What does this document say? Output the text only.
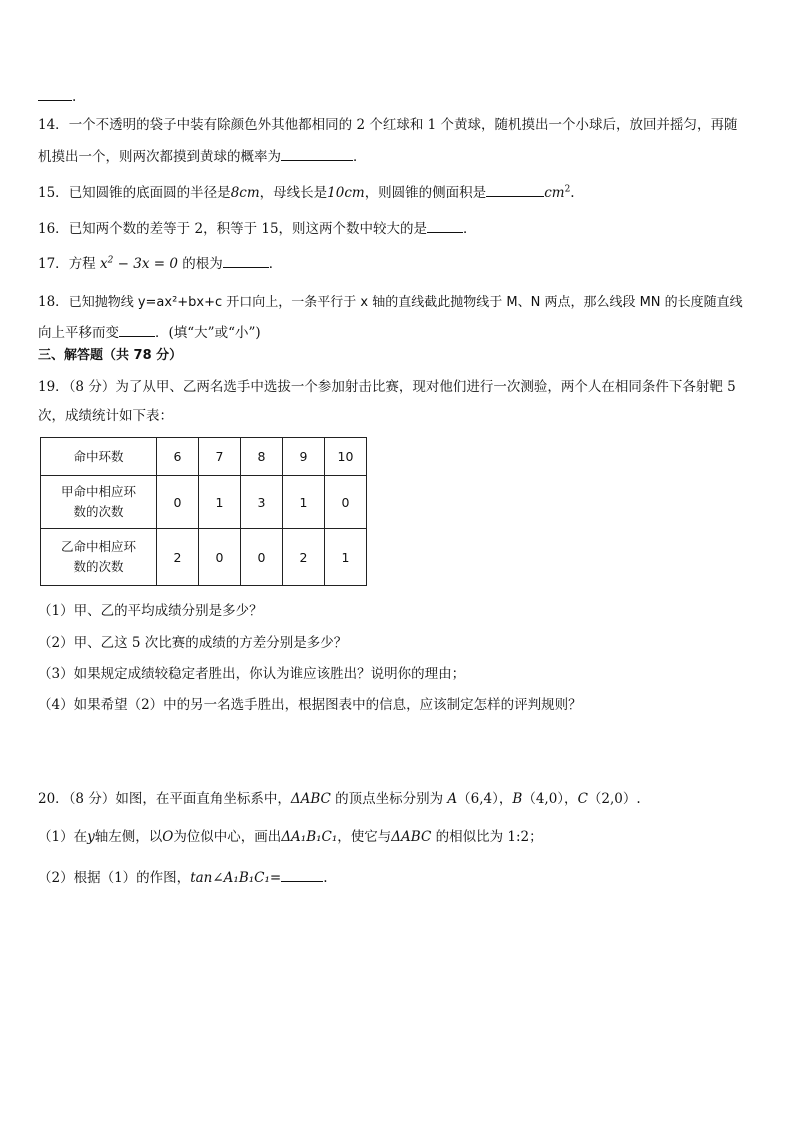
.
14．一个不透明的袋子中装有除颜色外其他都相同的 2 个红球和 1 个黄球，随机摸出一个小球后，放回并摇匀，再随
机摸出一个，则两次都摸到黄球的概率为	．
15．已知圆锥的底面圆的半径是8cm，母线长是10cm，则圆锥的侧面积是	$cm^2$.
16．已知两个数的差等于 2，积等于 15，则这两个数中较大的是	．
17．方程 $x^2 - 3x = 0$ 的根为	．
18．已知抛物线 y=ax²+bx+c 开口向上，一条平行于 x 轴的直线截此抛物线于 M、N 两点，那么线段 MN 的长度随直线
向上平移而变	．(填“大”或“小”)
三、解答题（共 78 分）
19．（8 分）为了从甲、乙两名选手中选拔一个参加射击比赛，现对他们进行一次测验，两个人在相同条件下各射靶 5
次，成绩统计如下表：
命中环数	6	7	8	9	10

甲命中相应环
数的次数	0	1	3	1	0

乙命中相应环
数的次数	2	0	0	2	1
（1）甲、乙的平均成绩分别是多少？
（2）甲、乙这 5 次比赛的成绩的方差分别是多少？
（3）如果规定成绩较稳定者胜出，你认为谁应该胜出？说明你的理由；
（4）如果希望（2）中的另一名选手胜出，根据图表中的信息，应该制定怎样的评判规则？
20．（8 分）如图，在平面直角坐标系中，ΔABC 的顶点坐标分别为 A（6,4），B（4,0），C（2,0）.
（1）在y轴左侧，以O为位似中心，画出ΔA₁B₁C₁，使它与ΔABC 的相似比为 1:2；
（2）根据（1）的作图，tan∠A₁B₁C₁=	.
